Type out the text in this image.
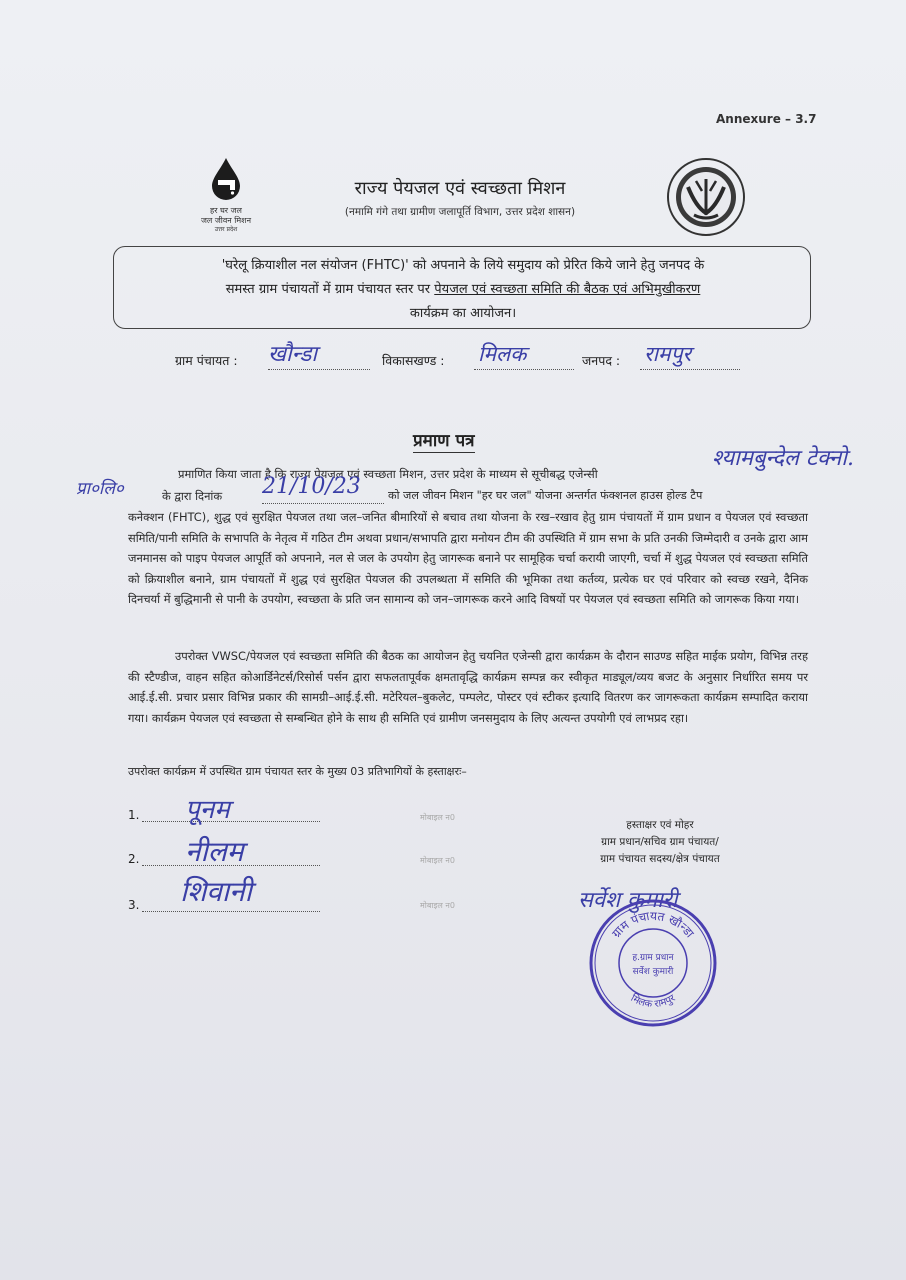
Annexure – 3.7
हर घर जल
जल जीवन मिशन
उत्तर प्रदेश
राज्य पेयजल एवं स्वच्छता मिशन
(नमामि गंगे तथा ग्रामीण जलापूर्ति विभाग, उत्तर प्रदेश शासन)
'घरेलू क्रियाशील नल संयोजन (FHTC)' को अपनाने के लिये समुदाय को प्रेरित किये जाने हेतु जनपद के
समस्त ग्राम पंचायतों में ग्राम पंचायत स्तर पर पेयजल एवं स्वच्छता समिति की बैठक एवं अभिमुखीकरण
कार्यक्रम का आयोजन।
ग्राम पंचायत : खौन्डा	विकासखण्ड : मिलक	जनपद : रामपुर
प्रमाण पत्र
प्रमाणित किया जाता है कि राज्य पेयजल एवं स्वच्छता मिशन, उत्तर प्रदेश के माध्यम से सूचीबद्ध एजेन्सी
श्यामबुन्देल टेक्नो.
प्रा०लि०	के द्वारा दिनांक	21/10/23 को जल जीवन मिशन "हर घर जल" योजना अन्तर्गत फंक्शनल हाउस होल्ड टैप
कनेक्शन (FHTC), शुद्ध एवं सुरक्षित पेयजल तथा जल–जनित बीमारियों से बचाव तथा योजना के रख–रखाव हेतु ग्राम पंचायतों में ग्राम प्रधान व पेयजल एवं स्वच्छता समिति/पानी समिति के सभापति के नेतृत्व में गठित टीम अथवा प्रधान/सभापति द्वारा मनोयन टीम की उपस्थिति में ग्राम सभा के प्रति उनकी जिम्मेदारी व उनके द्वारा आम जनमानस को पाइप पेयजल आपूर्ति को अपनाने, नल से जल के उपयोग हेतु जागरूक बनाने पर सामूहिक चर्चा करायी जाएगी, चर्चा में शुद्ध पेयजल एवं स्वच्छता समिति को क्रियाशील बनाने, ग्राम पंचायतों में शुद्ध एवं सुरक्षित पेयजल की उपलब्धता में समिति की भूमिका तथा कर्तव्य, प्रत्येक घर एवं परिवार को स्वच्छ रखने, दैनिक दिनचर्या में बुद्धिमानी से पानी के उपयोग, स्वच्छता के प्रति जन सामान्य को जन–जागरूक करने आदि विषयों पर पेयजल एवं स्वच्छता समिति को जागरूक किया गया।
उपरोक्त VWSC/पेयजल एवं स्वच्छता समिति की बैठक का आयोजन हेतु चयनित एजेन्सी द्वारा कार्यक्रम के दौरान साउण्ड सहित माईक प्रयोग, विभिन्न तरह की स्टैण्डीज, वाहन सहित कोआर्डिनेटर्स/रिसोर्स पर्सन द्वारा सफलतापूर्वक क्षमतावृद्धि कार्यक्रम सम्पन्न कर स्वीकृत माड्यूल/व्यय बजट के अनुसार निर्धारित समय पर आई.ई.सी. प्रचार प्रसार विभिन्न प्रकार की सामग्री–आई.ई.सी. मटेरियल–बुकलेट, पम्पलेट, पोस्टर एवं स्टीकर इत्यादि वितरण कर जागरूकता कार्यक्रम सम्पादित कराया गया। कार्यक्रम पेयजल एवं स्वच्छता से सम्बन्धित होने के साथ ही समिति एवं ग्रामीण जनसमुदाय के लिए अत्यन्त उपयोगी एवं लाभप्रद रहा।
उपरोक्त कार्यक्रम में उपस्थित ग्राम पंचायत स्तर के मुख्य 03 प्रतिभागियों के हस्ताक्षरः–
1. पूनम	मोबाइल न0
2. नीलम	मोबाइल न0
3. शिवानी	मोबाइल न0
हस्ताक्षर एवं मोहर
ग्राम प्रधान/सचिव ग्राम पंचायत/
ग्राम पंचायत सदस्य/क्षेत्र पंचायत
सर्वेश कुमारी
ग्राम पंचायत खौन्डा
मिलक रामपुर
ह.ग्राम प्रधान
सर्वेश कुमारी
